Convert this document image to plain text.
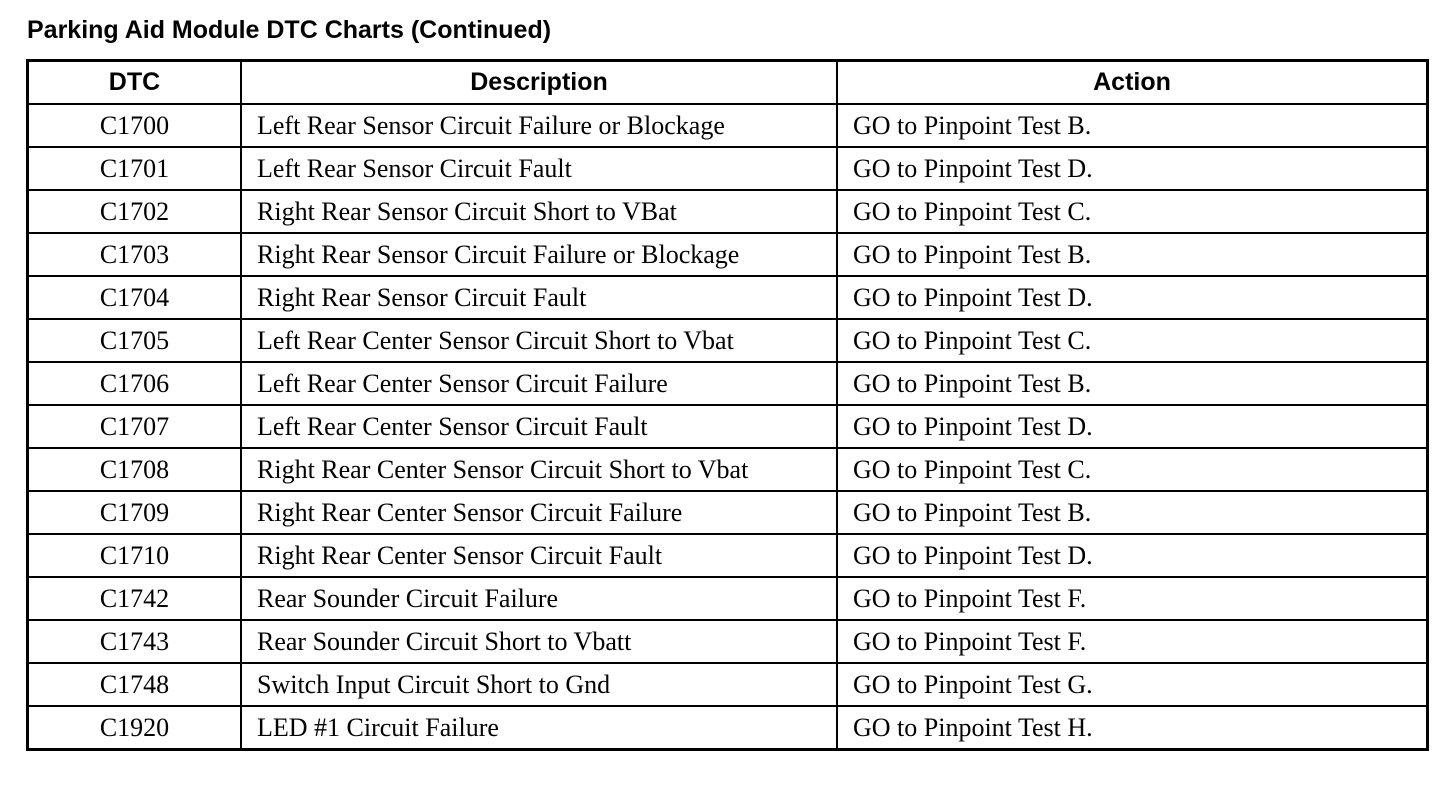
Parking Aid Module DTC Charts (Continued)
DTC	Description	Action
C1700	Left Rear Sensor Circuit Failure or Blockage	GO to Pinpoint Test B.
C1701	Left Rear Sensor Circuit Fault	GO to Pinpoint Test D.
C1702	Right Rear Sensor Circuit Short to VBat	GO to Pinpoint Test C.
C1703	Right Rear Sensor Circuit Failure or Blockage	GO to Pinpoint Test B.
C1704	Right Rear Sensor Circuit Fault	GO to Pinpoint Test D.
C1705	Left Rear Center Sensor Circuit Short to Vbat	GO to Pinpoint Test C.
C1706	Left Rear Center Sensor Circuit Failure	GO to Pinpoint Test B.
C1707	Left Rear Center Sensor Circuit Fault	GO to Pinpoint Test D.
C1708	Right Rear Center Sensor Circuit Short to Vbat	GO to Pinpoint Test C.
C1709	Right Rear Center Sensor Circuit Failure	GO to Pinpoint Test B.
C1710	Right Rear Center Sensor Circuit Fault	GO to Pinpoint Test D.
C1742	Rear Sounder Circuit Failure	GO to Pinpoint Test F.
C1743	Rear Sounder Circuit Short to Vbatt	GO to Pinpoint Test F.
C1748	Switch Input Circuit Short to Gnd	GO to Pinpoint Test G.
C1920	LED #1 Circuit Failure	GO to Pinpoint Test H.
